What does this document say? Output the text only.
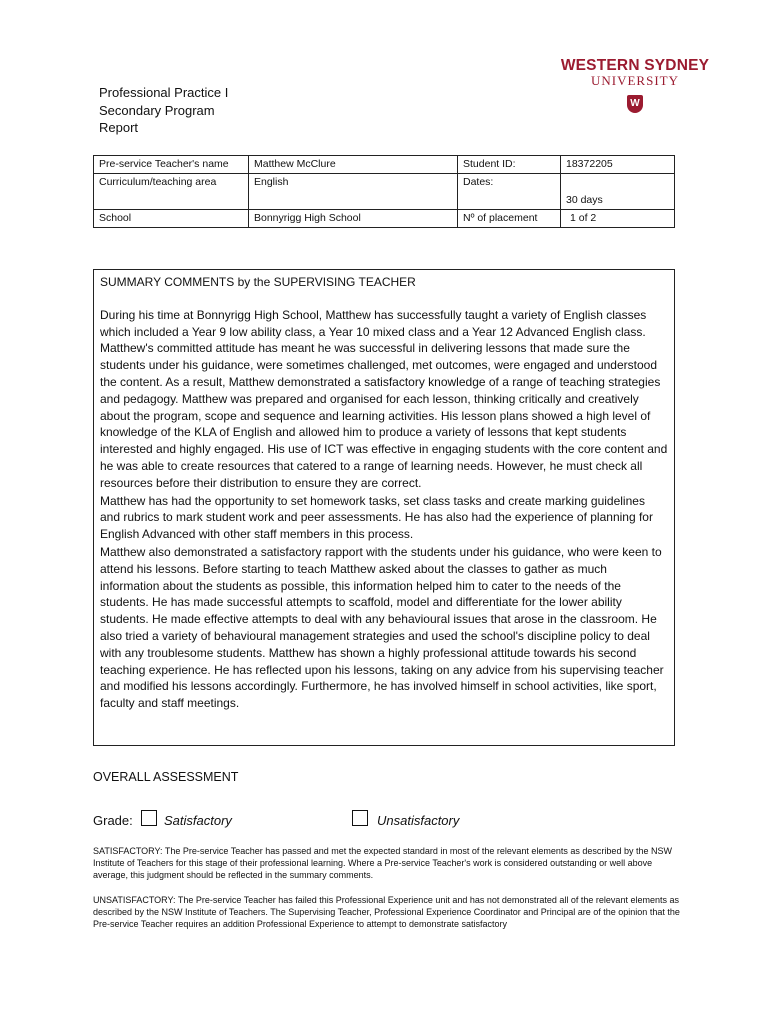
WESTERN SYDNEY
UNIVERSITY
W
Professional Practice I
Secondary Program
Report
Pre-service Teacher's name	Matthew McClure	Student ID:	18372205
Curriculum/teaching area	English	Dates:	30 days
School	Bonnyrigg High School	Nº of placement	1 of 2
SUMMARY COMMENTS by the SUPERVISING TEACHER

During his time at Bonnyrigg High School, Matthew has successfully taught a variety of English classes which included a Year 9 low ability class, a Year 10 mixed class and a Year 12 Advanced English class. Matthew's committed attitude has meant he was successful in delivering lessons that made sure the students under his guidance, were sometimes challenged, met outcomes, were engaged and understood the content. As a result, Matthew demonstrated a satisfactory knowledge of a range of teaching strategies and pedagogy. Matthew was prepared and organised for each lesson, thinking critically and creatively about the program, scope and sequence and learning activities. His lesson plans showed a high level of knowledge of the KLA of English and allowed him to produce a variety of lessons that kept students interested and highly engaged. His use of ICT was effective in engaging students with the core content and he was able to create resources that catered to a range of learning needs. However, he must check all resources before their distribution to ensure they are correct.

Matthew has had the opportunity to set homework tasks, set class tasks and create marking guidelines and rubrics to mark student work and peer assessments. He has also had the experience of planning for English Advanced with other staff members in this process.

Matthew also demonstrated a satisfactory rapport with the students under his guidance, who were keen to attend his lessons. Before starting to teach Matthew asked about the classes to gather as much information about the students as possible, this information helped him to cater to the needs of the students. He has made successful attempts to scaffold, model and differentiate for the lower ability students. He made effective attempts to deal with any behavioural issues that arose in the classroom. He also tried a variety of behavioural management strategies and used the school's discipline policy to deal with any troublesome students. Matthew has shown a highly professional attitude towards his second teaching experience. He has reflected upon his lessons, taking on any advice from his supervising teacher and modified his lessons accordingly. Furthermore, he has involved himself in school activities, like sport, faculty and staff meetings.

OVERALL ASSESSMENT
Grade: Satisfactory	Unsatisfactory
SATISFACTORY: The Pre-service Teacher has passed and met the expected standard in most of the relevant elements as described by the NSW Institute of Teachers for this stage of their professional learning. Where a Pre-service Teacher's work is considered outstanding or well above average, this judgment should be reflected in the summary comments.
UNSATISFACTORY: The Pre-service Teacher has failed this Professional Experience unit and has not demonstrated all of the relevant elements as described by the NSW Institute of Teachers. The Supervising Teacher, Professional Experience Coordinator and Principal are of the opinion that the Pre-service Teacher requires an addition Professional Experience to attempt to demonstrate satisfactory
